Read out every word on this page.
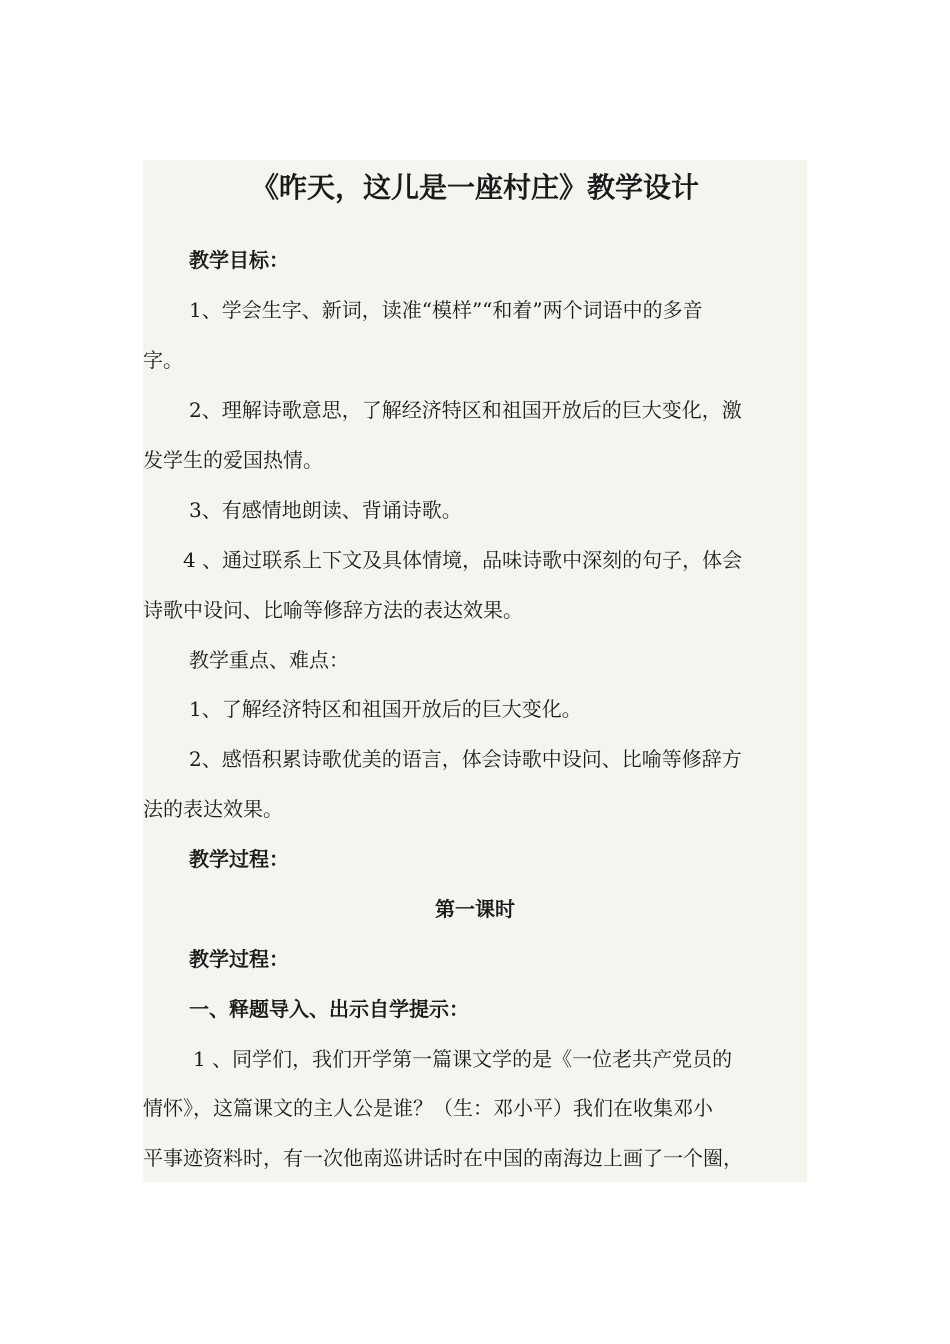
《昨天，这儿是一座村庄》教学设计
教学目标：
1、学会生字、新词，读准“模样”“和着”两个词语中的多音
字。
2、理解诗歌意思，了解经济特区和祖国开放后的巨大变化，激
发学生的爱国热情。
3、有感情地朗读、背诵诗歌。
4 、通过联系上下文及具体情境，品味诗歌中深刻的句子，体会
诗歌中设问、比喻等修辞方法的表达效果。
教学重点、难点：
1、了解经济特区和祖国开放后的巨大变化。
2、感悟积累诗歌优美的语言，体会诗歌中设问、比喻等修辞方
法的表达效果。
教学过程：
第一课时
教学过程：
一、释题导入、出示自学提示：
1 、同学们，我们开学第一篇课文学的是《一位老共产党员的
情怀》，这篇课文的主人公是谁？（生：邓小平）我们在收集邓小
平事迹资料时，有一次他南巡讲话时在中国的南海边上画了一个圈，
